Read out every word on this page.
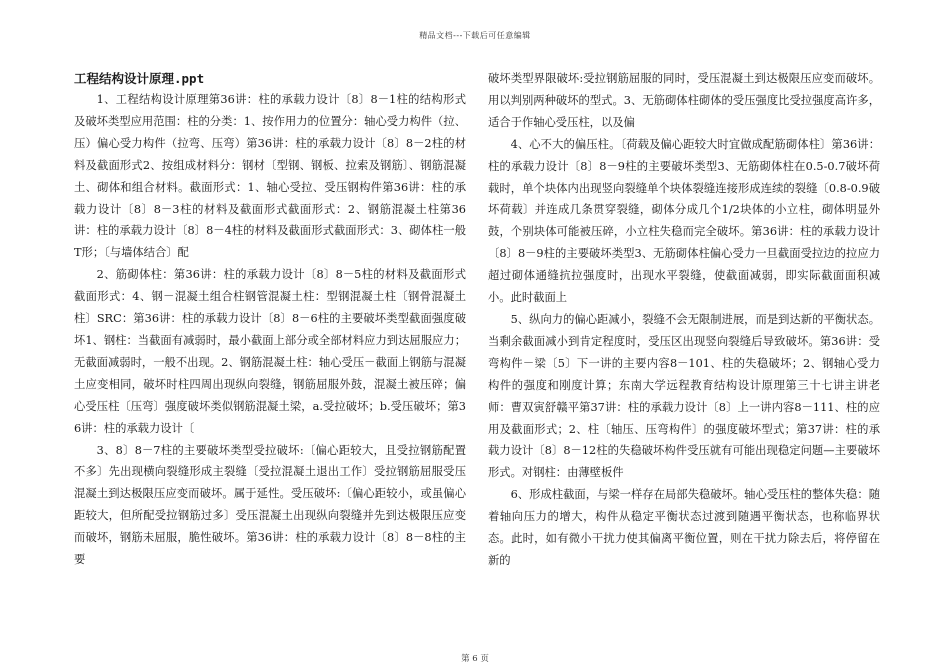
精品文档---下载后可任意编辑

工程结构设计原理.ppt

1、工程结构设计原理第36讲：柱的承载力设计〔8〕8－1柱的结构形式及破坏类型应用范围：柱的分类：1、按作用力的位置分：轴心受力构件（拉、压）偏心受力构件（拉弯、压弯）第36讲：柱的承载力设计〔8〕8－2柱的材料及截面形式2、按组成材料分：钢材〔型钢、钢板、拉索及钢筋〕、钢筋混凝土、砌体和组合材料。截面形式：1、轴心受拉、受压钢构件第36讲：柱的承载力设计〔8〕8－3柱的材料及截面形式截面形式：2、钢筋混凝土柱第36讲：柱的承载力设计〔8〕8－4柱的材料及截面形式截面形式：3、砌体柱一般T形；〔与墙体结合〕配

2、筋砌体柱：第36讲：柱的承载力设计〔8〕8－5柱的材料及截面形式截面形式：4、钢－混凝土组合柱钢管混凝土柱：型钢混凝土柱〔钢骨混凝土柱〕SRC：第36讲：柱的承载力设计〔8〕8－6柱的主要破坏类型截面强度破坏1、钢柱：当截面有减弱时，最小截面上部分或全部材料应力到达屈服应力；无截面减弱时，一般不出现。2、钢筋混凝土柱：轴心受压－截面上钢筋与混凝土应变相同，破坏时柱四周出现纵向裂缝，钢筋屈服外鼓，混凝土被压碎；偏心受压柱〔压弯〕强度破坏类似钢筋混凝土梁，a.受拉破坏；b.受压破坏；第36讲：柱的承载力设计〔

3、8〕8－7柱的主要破坏类型受拉破坏:〔偏心距较大，且受拉钢筋配置不多〕先出现横向裂缝形成主裂缝〔受拉混凝土退出工作〕受拉钢筋屈服受压混凝土到达极限压应变而破坏。属于延性。受压破坏:〔偏心距较小，或虽偏心距较大，但所配受拉钢筋过多〕受压混凝土出现纵向裂缝并先到达极限压应变而破坏，钢筋未屈服，脆性破坏。第36讲：柱的承载力设计〔8〕8－8柱的主要

破坏类型界限破坏:受拉钢筋屈服的同时，受压混凝土到达极限压应变而破坏。用以判别两种破坏的型式。3、无筋砌体柱砌体的受压强度比受拉强度高许多，适合于作轴心受压柱，以及偏

4、心不大的偏压柱。〔荷载及偏心距较大时宜做成配筋砌体柱〕第36讲：柱的承载力设计〔8〕8－9柱的主要破坏类型3、无筋砌体柱在0.5-0.7破坏荷载时，单个块体内出现竖向裂缝单个块体裂缝连接形成连续的裂缝〔0.8-0.9破坏荷载〕并连成几条贯穿裂缝，砌体分成几个1/2块体的小立柱，砌体明显外鼓，个别块体可能被压碎，小立柱失稳而完全破坏。第36讲：柱的承载力设计〔8〕8－9柱的主要破坏类型3、无筋砌体柱偏心受力一旦截面受拉边的拉应力超过砌体通缝抗拉强度时，出现水平裂缝，使截面减弱，即实际截面面积减小。此时截面上

5、纵向力的偏心距减小，裂缝不会无限制进展，而是到达新的平衡状态。当剩余截面减小到肯定程度时，受压区出现竖向裂缝后导致破坏。第36讲：受弯构件－梁〔5〕下一讲的主要内容8－101、柱的失稳破坏；2、钢轴心受力构件的强度和刚度计算；东南大学远程教育结构设计原理第三十七讲主讲老师：曹双寅舒赣平第37讲：柱的承载力设计〔8〕上一讲内容8－111、柱的应用及截面形式；2、柱〔轴压、压弯构件〕的强度破坏型式；第37讲：柱的承载力设计〔8〕8－12柱的失稳破坏构件受压就有可能出现稳定问题—主要破坏形式。对钢柱：由薄壁板件

6、形成柱截面，与梁一样存在局部失稳破坏。轴心受压柱的整体失稳：随着轴向压力的增大，构件从稳定平衡状态过渡到随遇平衡状态，也称临界状态。此时，如有微小干扰力使其偏离平衡位置，则在干扰力除去后，将停留在新的

第 6 页
